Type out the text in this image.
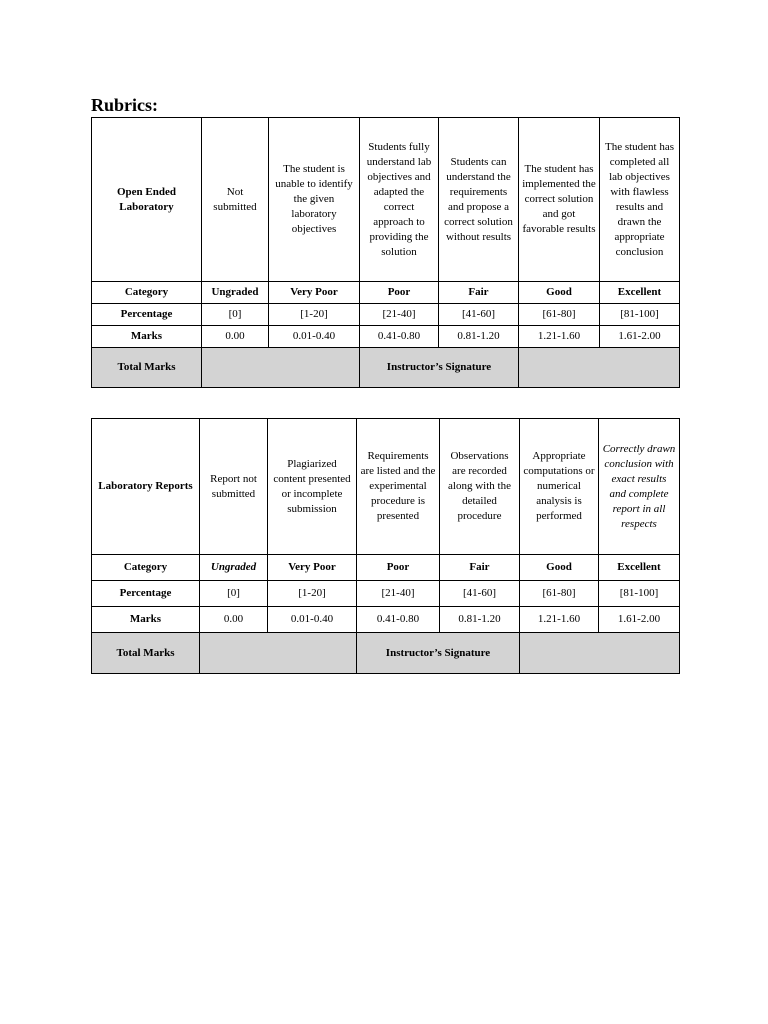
Rubrics:
Open Ended Laboratory	Not submitted	The student is unable to identify the given laboratory objectives	Students fully understand lab objectives and adapted the correct approach to providing the solution	Students can understand the requirements and propose a correct solution without results	The student has implemented the correct solution and got favorable results	The student has completed all lab objectives with flawless results and drawn the appropriate conclusion
Category	Ungraded	Very Poor	Poor	Fair	Good	Excellent
Percentage	[0]	[1-20]	[21-40]	[41-60]	[61-80]	[81-100]
Marks	0.00	0.01-0.40	0.41-0.80	0.81-1.20	1.21-1.60	1.61-2.00
Total Marks			Instructor’s Signature			
Laboratory Reports	Report not submitted	Plagiarized content presented or incomplete submission	Requirements are listed and the experimental procedure is presented	Observations are recorded along with the detailed procedure	Appropriate computations or numerical analysis is performed	Correctly drawn conclusion with exact results and complete report in all respects
Category	Ungraded	Very Poor	Poor	Fair	Good	Excellent
Percentage	[0]	[1-20]	[21-40]	[41-60]	[61-80]	[81-100]
Marks	0.00	0.01-0.40	0.41-0.80	0.81-1.20	1.21-1.60	1.61-2.00
Total Marks			Instructor’s Signature			
